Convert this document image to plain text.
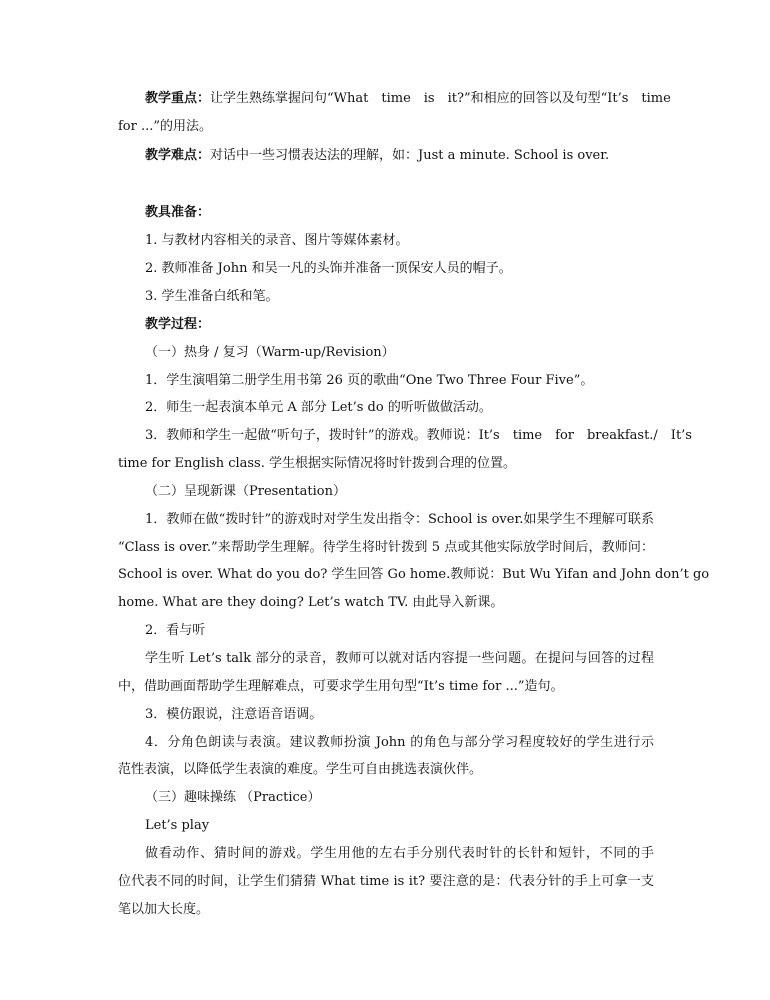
教学重点：让学生熟练掌握问句“What　time　is　it?”和相应的回答以及句型“It’s　time
for ...”的用法。
教学难点：对话中一些习惯表达法的理解，如：Just a minute. School is over.
教具准备：
1. 与教材内容相关的录音、图片等媒体素材。
2. 教师准备 John 和吴一凡的头饰并准备一顶保安人员的帽子。
3. 学生准备白纸和笔。
教学过程：
（一）热身 / 复习（Warm-up/Revision）
1．学生演唱第二册学生用书第 26 页的歌曲“One Two Three Four Five”。
2．师生一起表演本单元 A 部分 Let’s do 的听听做做活动。
3．教师和学生一起做“听句子，拨时针”的游戏。教师说：It’s　time　for　breakfast./　It’s
time for English class. 学生根据实际情况将时针拨到合理的位置。
（二）呈现新课（Presentation）
1．教师在做“拨时针”的游戏时对学生发出指令：School is over.如果学生不理解可联系
“Class is over.”来帮助学生理解。待学生将时针拨到 5 点或其他实际放学时间后，教师问：
School is over. What do you do? 学生回答 Go home.教师说：But Wu Yifan and John don’t go
home. What are they doing? Let’s watch TV. 由此导入新课。
2．看与听
学生听 Let’s talk 部分的录音，教师可以就对话内容提一些问题。在提问与回答的过程
中，借助画面帮助学生理解难点，可要求学生用句型“It’s time for ...”造句。
3．模仿跟说，注意语音语调。
4．分角色朗读与表演。建议教师扮演 John 的角色与部分学习程度较好的学生进行示
范性表演，以降低学生表演的难度。学生可自由挑选表演伙伴。
（三）趣味操练 （Practice）
Let’s play
做看动作、猜时间的游戏。学生用他的左右手分别代表时针的长针和短针，不同的手
位代表不同的时间，让学生们猜猜 What time is it? 要注意的是：代表分针的手上可拿一支
笔以加大长度。
